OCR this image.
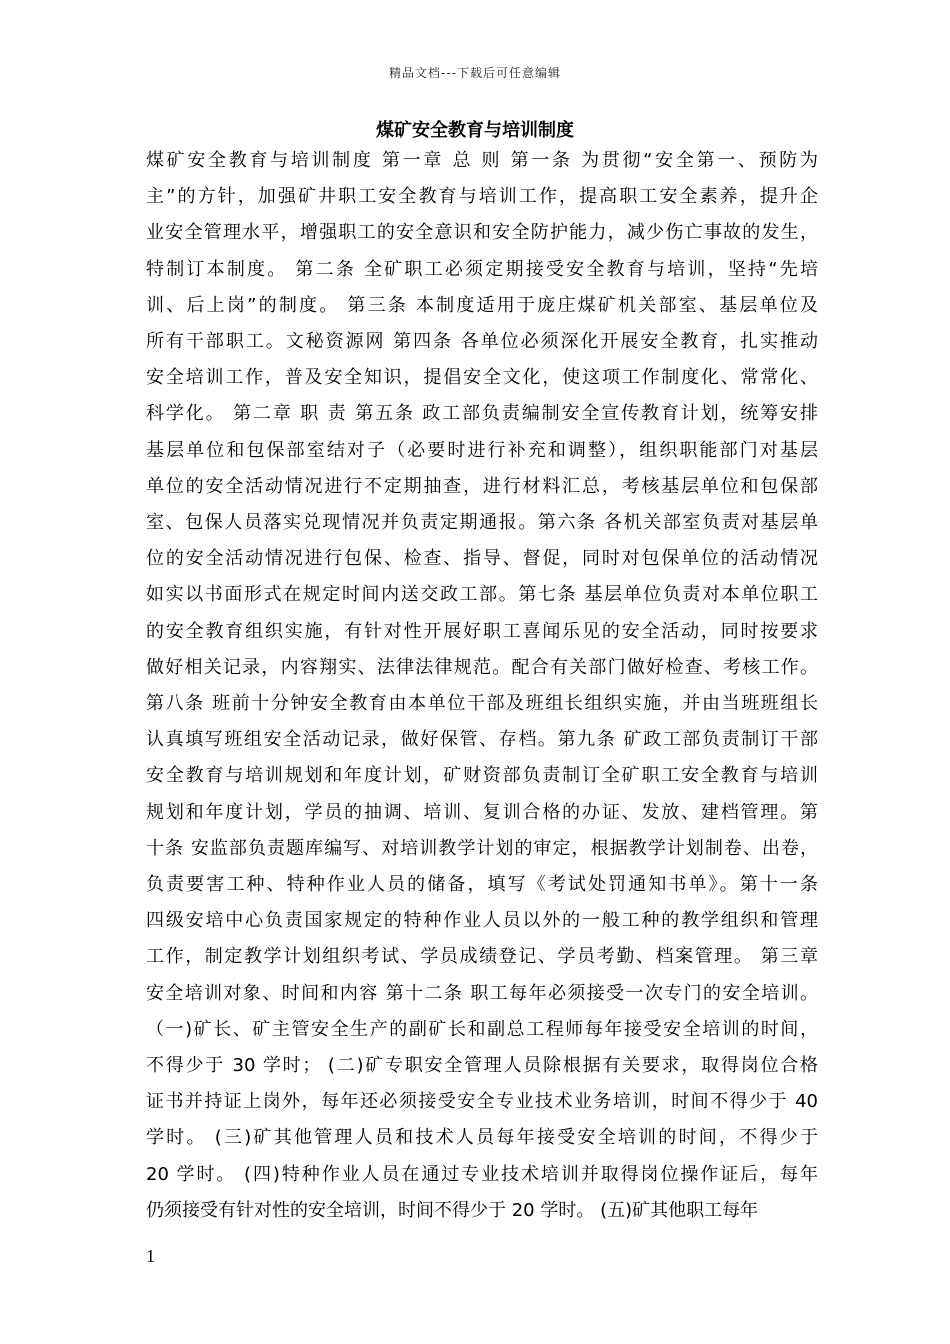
精品文档---下载后可任意编辑
煤矿安全教育与培训制度
煤矿安全教育与培训制度 第一章 总 则 第一条 为贯彻“安全第一、预防为
主”的方针，加强矿井职工安全教育与培训工作，提高职工安全素养，提升企
业安全管理水平，增强职工的安全意识和安全防护能力，减少伤亡事故的发生，
特制订本制度。 第二条 全矿职工必须定期接受安全教育与培训，坚持“先培
训、后上岗”的制度。 第三条 本制度适用于庞庄煤矿机关部室、基层单位及
所有干部职工。文秘资源网 第四条 各单位必须深化开展安全教育，扎实推动
安全培训工作，普及安全知识，提倡安全文化，使这项工作制度化、常常化、
科学化。 第二章 职 责 第五条 政工部负责编制安全宣传教育计划，统筹安排
基层单位和包保部室结对子（必要时进行补充和调整），组织职能部门对基层
单位的安全活动情况进行不定期抽查，进行材料汇总，考核基层单位和包保部
室、包保人员落实兑现情况并负责定期通报。第六条 各机关部室负责对基层单
位的安全活动情况进行包保、检查、指导、督促，同时对包保单位的活动情况
如实以书面形式在规定时间内送交政工部。第七条 基层单位负责对本单位职工
的安全教育组织实施，有针对性开展好职工喜闻乐见的安全活动，同时按要求
做好相关记录，内容翔实、法律法律规范。配合有关部门做好检查、考核工作。
第八条 班前十分钟安全教育由本单位干部及班组长组织实施，并由当班班组长
认真填写班组安全活动记录，做好保管、存档。第九条 矿政工部负责制订干部
安全教育与培训规划和年度计划，矿财资部负责制订全矿职工安全教育与培训
规划和年度计划，学员的抽调、培训、复训合格的办证、发放、建档管理。第
十条 安监部负责题库编写、对培训教学计划的审定，根据教学计划制卷、出卷，
负责要害工种、特种作业人员的储备，填写《考试处罚通知书单》。第十一条
四级安培中心负责国家规定的特种作业人员以外的一般工种的教学组织和管理
工作，制定教学计划组织考试、学员成绩登记、学员考勤、档案管理。 第三章
安全培训对象、时间和内容 第十二条 职工每年必须接受一次专门的安全培训。
（一)矿长、矿主管安全生产的副矿长和副总工程师每年接受安全培训的时间，
不得少于 30 学时； (二)矿专职安全管理人员除根据有关要求，取得岗位合格
证书并持证上岗外，每年还必须接受安全专业技术业务培训，时间不得少于 40
学时。 (三)矿其他管理人员和技术人员每年接受安全培训的时间，不得少于
20 学时。 (四)特种作业人员在通过专业技术培训并取得岗位操作证后，每年
仍须接受有针对性的安全培训，时间不得少于 20 学时。 (五)矿其他职工每年
1
